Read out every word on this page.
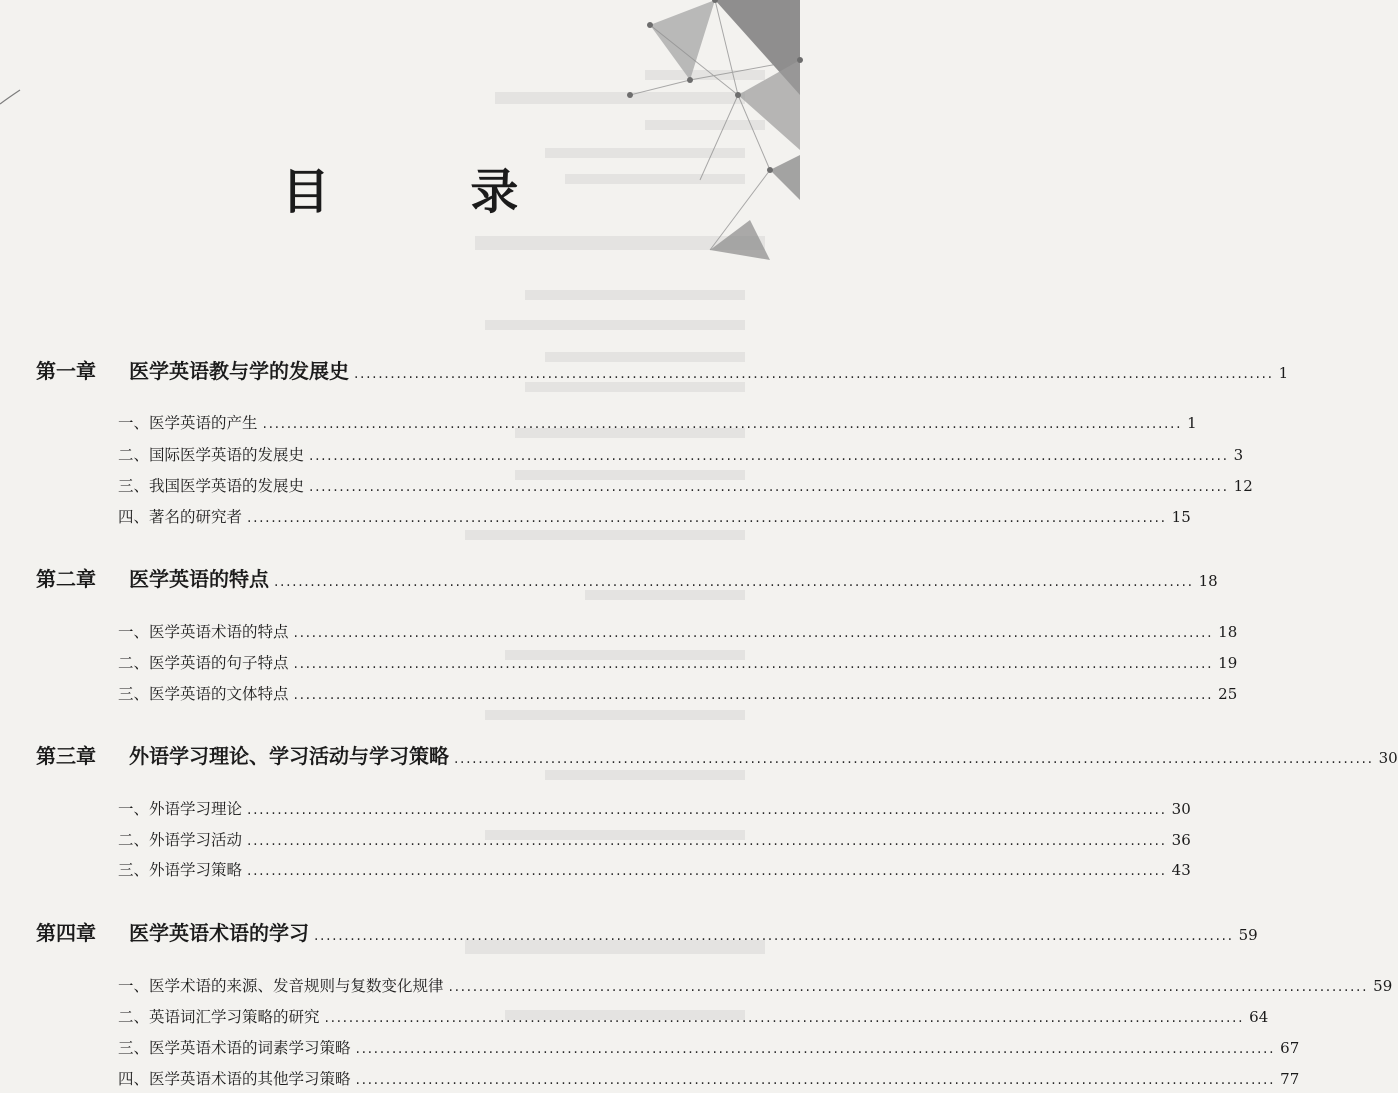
目 录
第一章	医学英语教与学的发展史 ........................................................................................................................................................ 1
一、医学英语的产生 ........................................................................................................................................................ 1
二、国际医学英语的发展史 ........................................................................................................................................................ 3
三、我国医学英语的发展史 ........................................................................................................................................................ 12
四、著名的研究者 ........................................................................................................................................................ 15
第二章	医学英语的特点 ........................................................................................................................................................ 18
一、医学英语术语的特点 ........................................................................................................................................................ 18
二、医学英语的句子特点 ........................................................................................................................................................ 19
三、医学英语的文体特点 ........................................................................................................................................................ 25
第三章	外语学习理论、学习活动与学习策略 ........................................................................................................................................................ 30
一、外语学习理论 ........................................................................................................................................................ 30
二、外语学习活动 ........................................................................................................................................................ 36
三、外语学习策略 ........................................................................................................................................................ 43
第四章	医学英语术语的学习 ........................................................................................................................................................ 59
一、医学术语的来源、发音规则与复数变化规律 ........................................................................................................................................................ 59
二、英语词汇学习策略的研究 ........................................................................................................................................................ 64
三、医学英语术语的词素学习策略 ........................................................................................................................................................ 67
四、医学英语术语的其他学习策略 ........................................................................................................................................................ 77
